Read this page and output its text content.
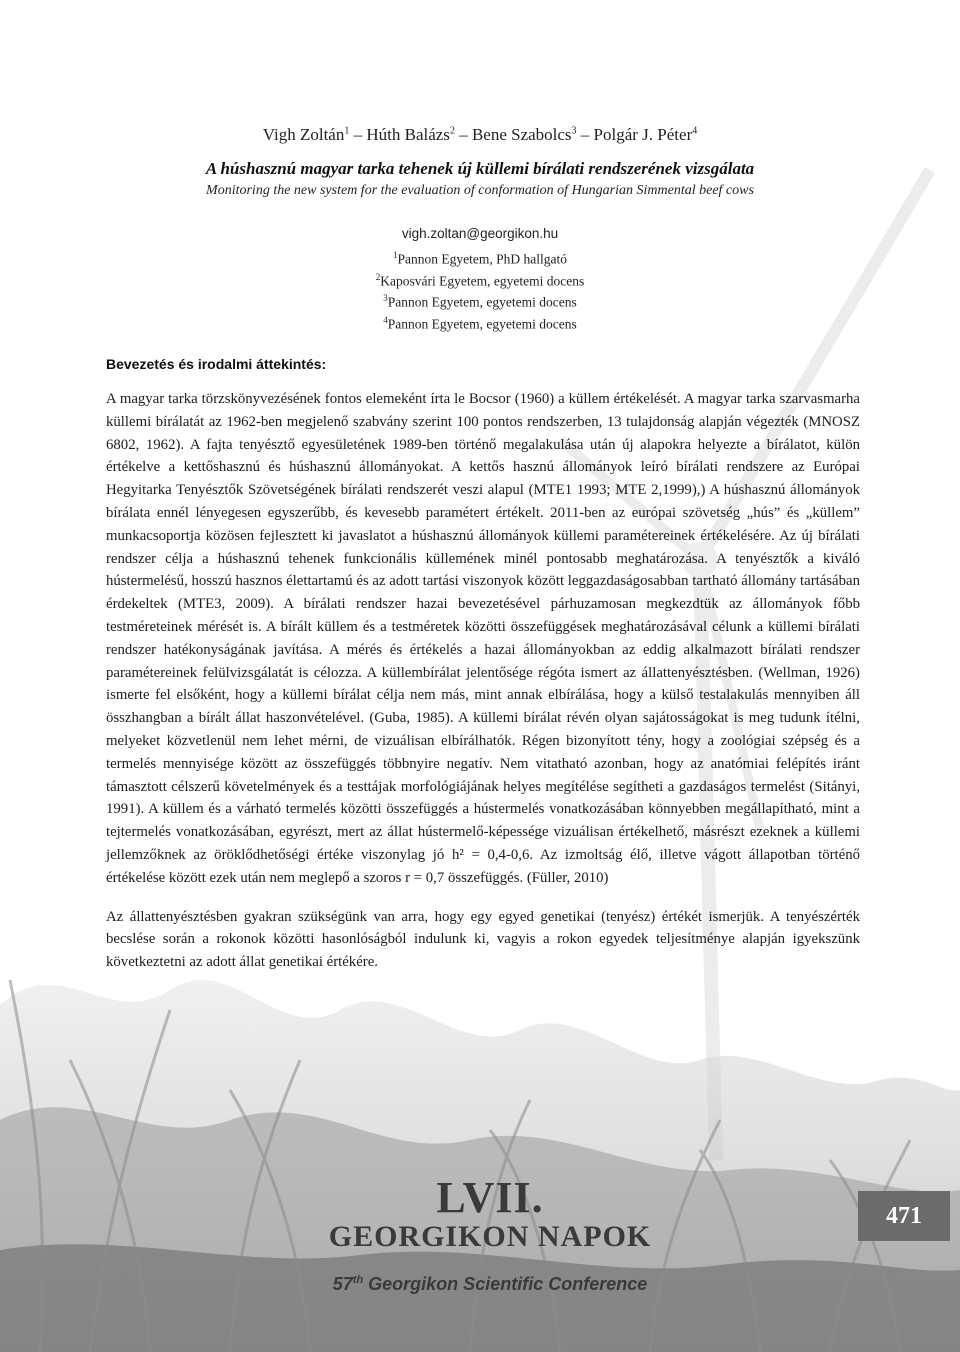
Vigh Zoltán$^1$ – Húth Balázs$^2$ – Bene Szabolcs$^3$ – Polgár J. Péter$^4$
A húshasznú magyar tarka tehenek új küllemi bírálati rendszerének vizsgálata
Monitoring the new system for the evaluation of conformation of Hungarian Simmental beef cows
vigh.zoltan@georgikon.hu
$^1$Pannon Egyetem, PhD hallgató
$^2$Kaposvári Egyetem, egyetemi docens
$^3$Pannon Egyetem, egyetemi docens
$^4$Pannon Egyetem, egyetemi docens
Bevezetés és irodalmi áttekintés:

A magyar tarka törzskönyvezésének fontos elemeként írta le Bocsor (1960) a küllem értékelését. A magyar tarka szarvasmarha küllemi bírálatát az 1962-ben megjelenő szabvány szerint 100 pontos rendszerben, 13 tulajdonság alapján végezték (MNOSZ 6802, 1962). A fajta tenyésztő egyesületének 1989-ben történő megalakulása után új alapokra helyezte a bírálatot, külön értékelve a kettőshasznú és húshasznú állományokat. A kettős hasznú állományok leíró bírálati rendszere az Európai Hegyitarka Tenyésztők Szövetségének bírálati rendszerét veszi alapul (MTE1 1993; MTE 2,1999),) A húshasznú állományok bírálata ennél lényegesen egyszerűbb, és kevesebb paramétert értékelt. 2011-ben az európai szövetség „hús” és „küllem” munkacsoportja közösen fejlesztett ki javaslatot a húshasznú állományok küllemi paramétereinek értékelésére. Az új bírálati rendszer célja a húshasznú tehenek funkcionális küllemének minél pontosabb meghatározása. A tenyésztők a kiváló hústermelésű, hosszú hasznos élettartamú és az adott tartási viszonyok között leggazdaságosabban tartható állomány tartásában érdekeltek (MTE3, 2009). A bírálati rendszer hazai bevezetésével párhuzamosan megkezdtük az állományok főbb testméreteinek mérését is. A bírált küllem és a testméretek közötti összefüggések meghatározásával célunk a küllemi bírálati rendszer hatékonyságának javítása. A mérés és értékelés a hazai állományokban az eddig alkalmazott bírálati rendszer paramétereinek felülvizsgálatát is célozza. A küllembírálat jelentősége régóta ismert az állattenyésztésben. (Wellman, 1926) ismerte fel elsőként, hogy a küllemi bírálat célja nem más, mint annak elbírálása, hogy a külső testalakulás mennyiben áll összhangban a bírált állat haszonvételével. (Guba, 1985). A küllemi bírálat révén olyan sajátosságokat is meg tudunk ítélni, melyeket közvetlenül nem lehet mérni, de vizuálisan elbírálhatók. Régen bizonyított tény, hogy a zoológiai szépség és a termelés mennyisége között az összefüggés többnyire negatív. Nem vitatható azonban, hogy az anatómiai felépítés iránt támasztott célszerű követelmények és a testtájak morfológiájának helyes megítélése segítheti a gazdaságos termelést (Sitányi, 1991). A küllem és a várható termelés közötti összefüggés a hústermelés vonatkozásában könnyebben megállapítható, mint a tejtermelés vonatkozásában, egyrészt, mert az állat hústermelő-képessége vizuálisan értékelhető, másrészt ezeknek a küllemi jellemzőknek az öröklődhetőségi értéke viszonylag jó h² = 0,4-0,6. Az izmoltság élő, illetve vágott állapotban történő értékelése között ezek után nem meglepő a szoros r = 0,7 összefüggés. (Füller, 2010)

Az állattenyésztésben gyakran szükségünk van arra, hogy egy egyed genetikai (tenyész) értékét ismerjük. A tenyészérték becslése során a rokonok közötti hasonlóságból indulunk ki, vagyis a rokon egyedek teljesítménye alapján igyekszünk következtetni az adott állat genetikai értékére.

LVII.
GEORGIKON NAPOK
57th Georgikon Scientific Conference
471
